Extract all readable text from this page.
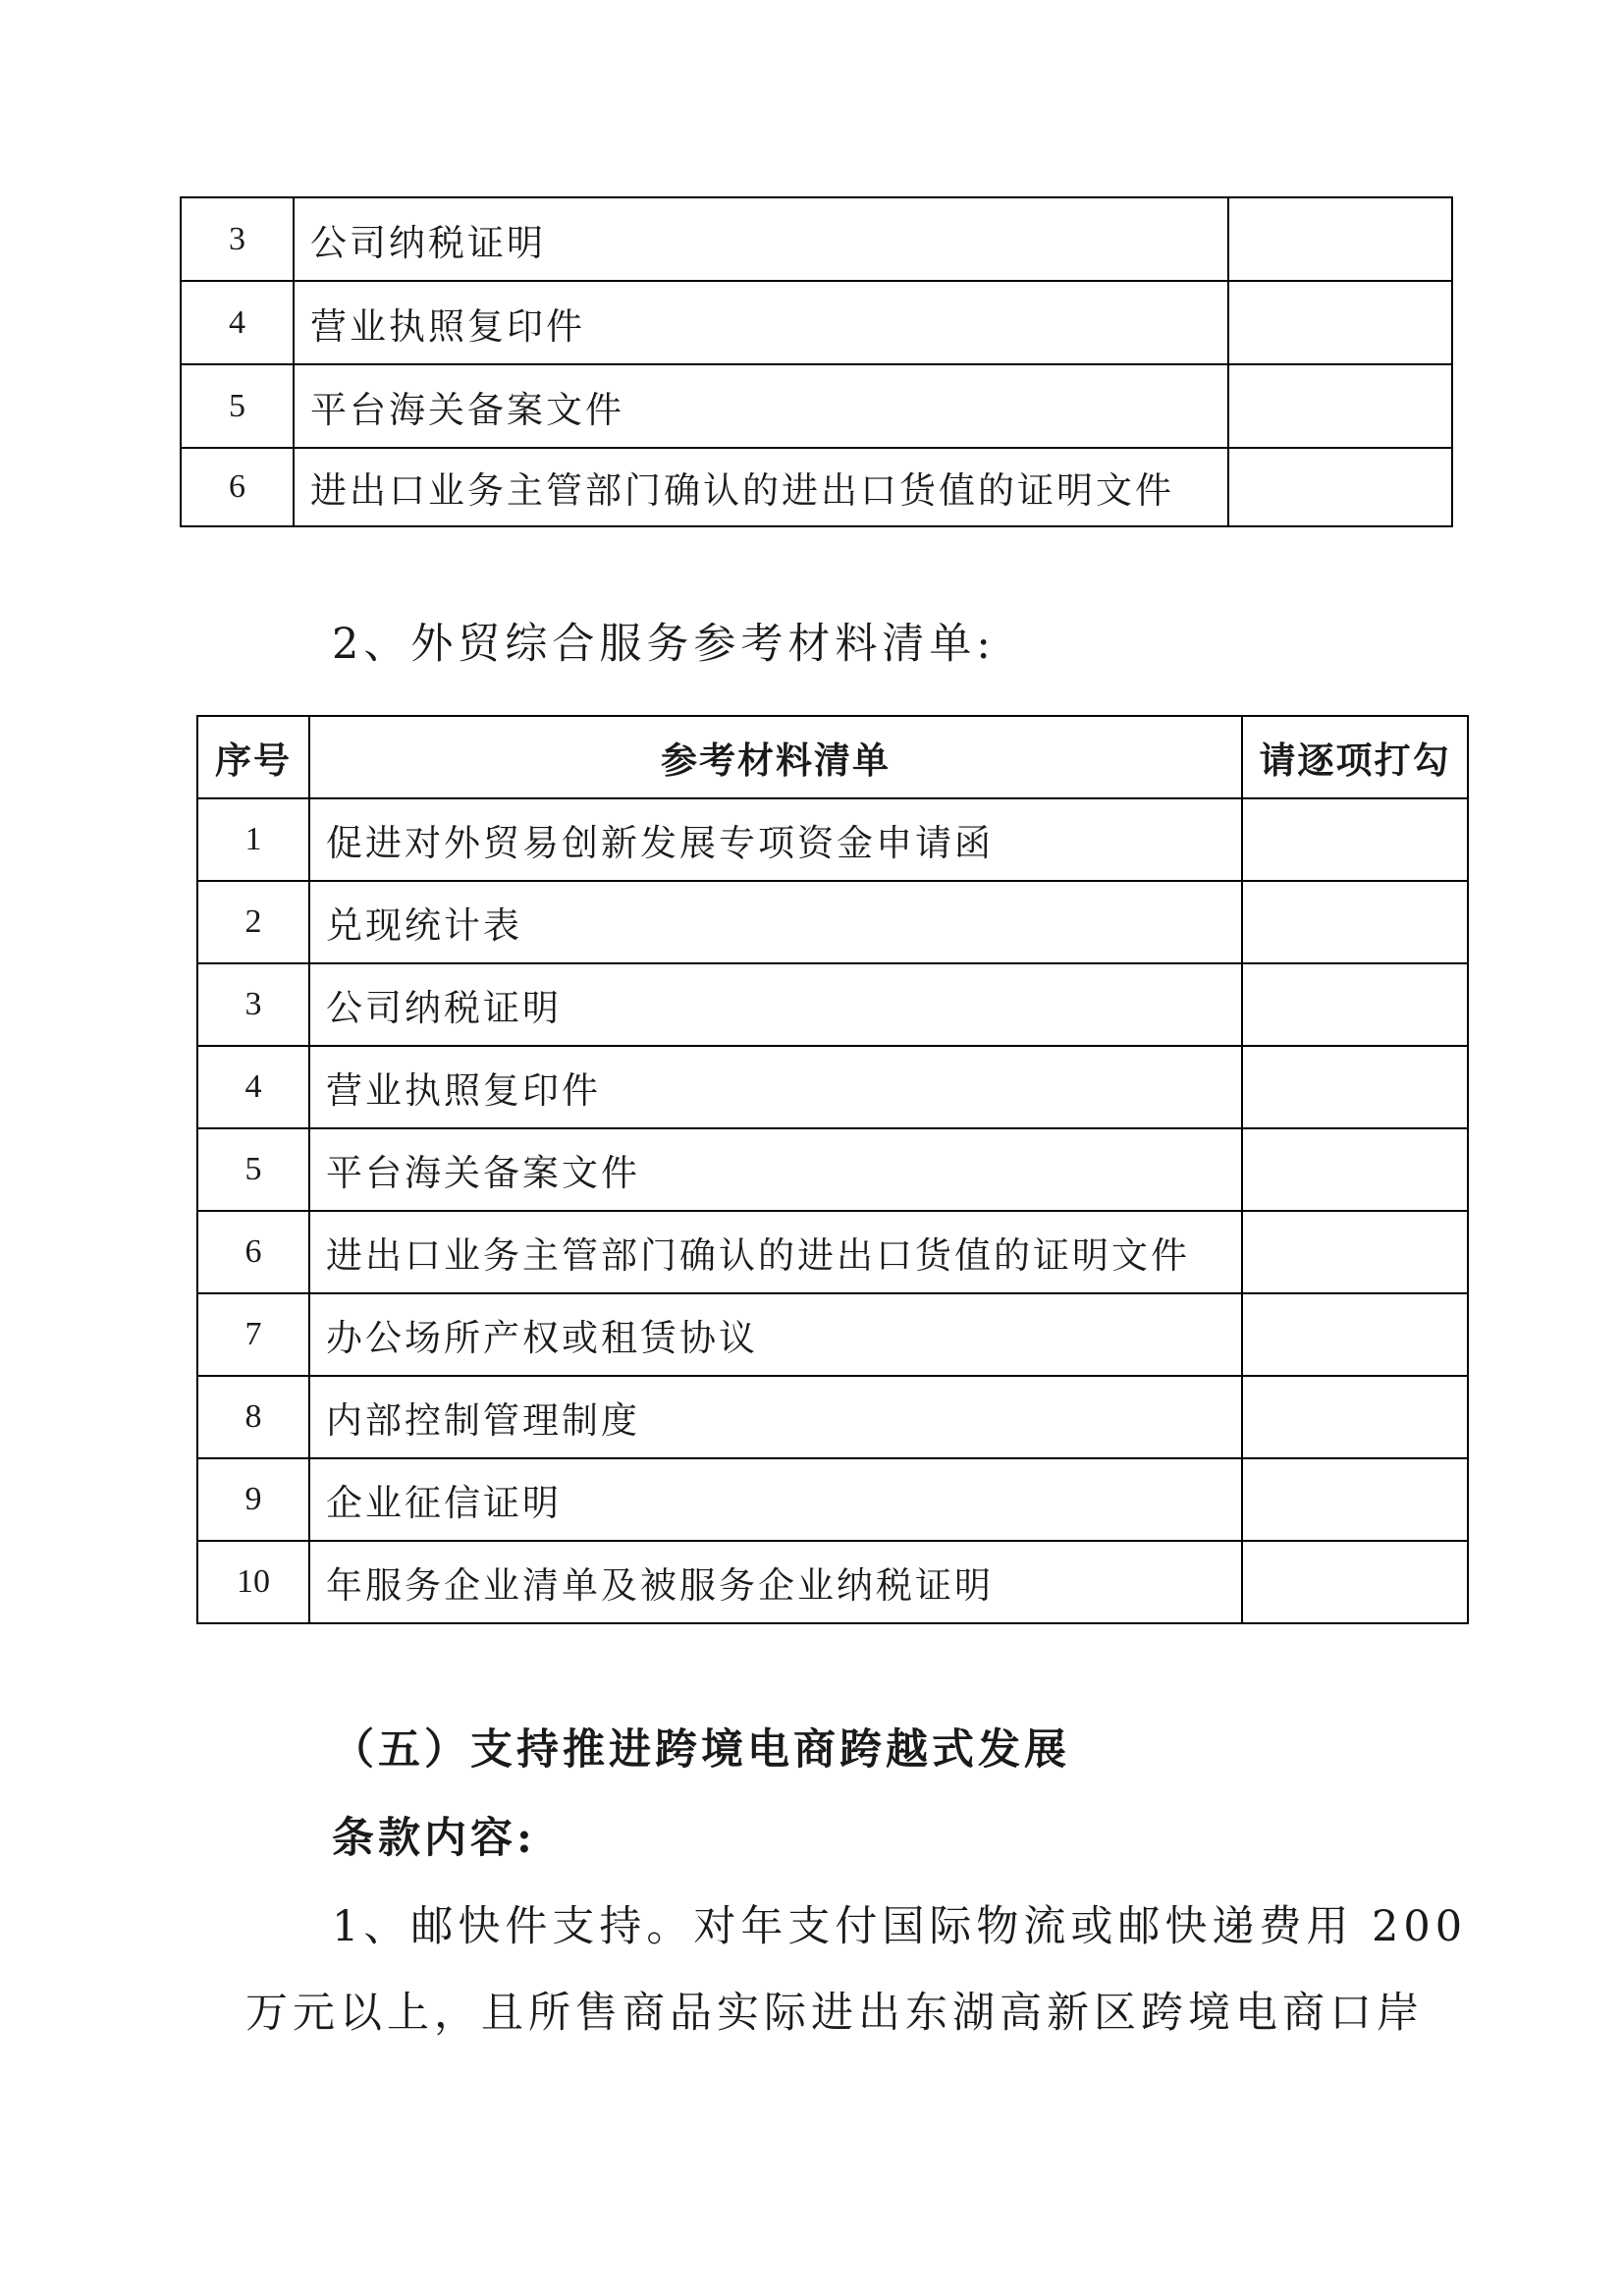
3	公司纳税证明	
4	营业执照复印件	
5	平台海关备案文件	
6	进出口业务主管部门确认的进出口货值的证明文件	

2、外贸综合服务参考材料清单:

序号	参考材料清单	请逐项打勾
1	促进对外贸易创新发展专项资金申请函	
2	兑现统计表	
3	公司纳税证明	
4	营业执照复印件	
5	平台海关备案文件	
6	进出口业务主管部门确认的进出口货值的证明文件	
7	办公场所产权或租赁协议	
8	内部控制管理制度	
9	企业征信证明	
10	年服务企业清单及被服务企业纳税证明	

（五）支持推进跨境电商跨越式发展

条款内容:

1、邮快件支持。对年支付国际物流或邮快递费用 200

万元以上，且所售商品实际进出东湖高新区跨境电商口岸
